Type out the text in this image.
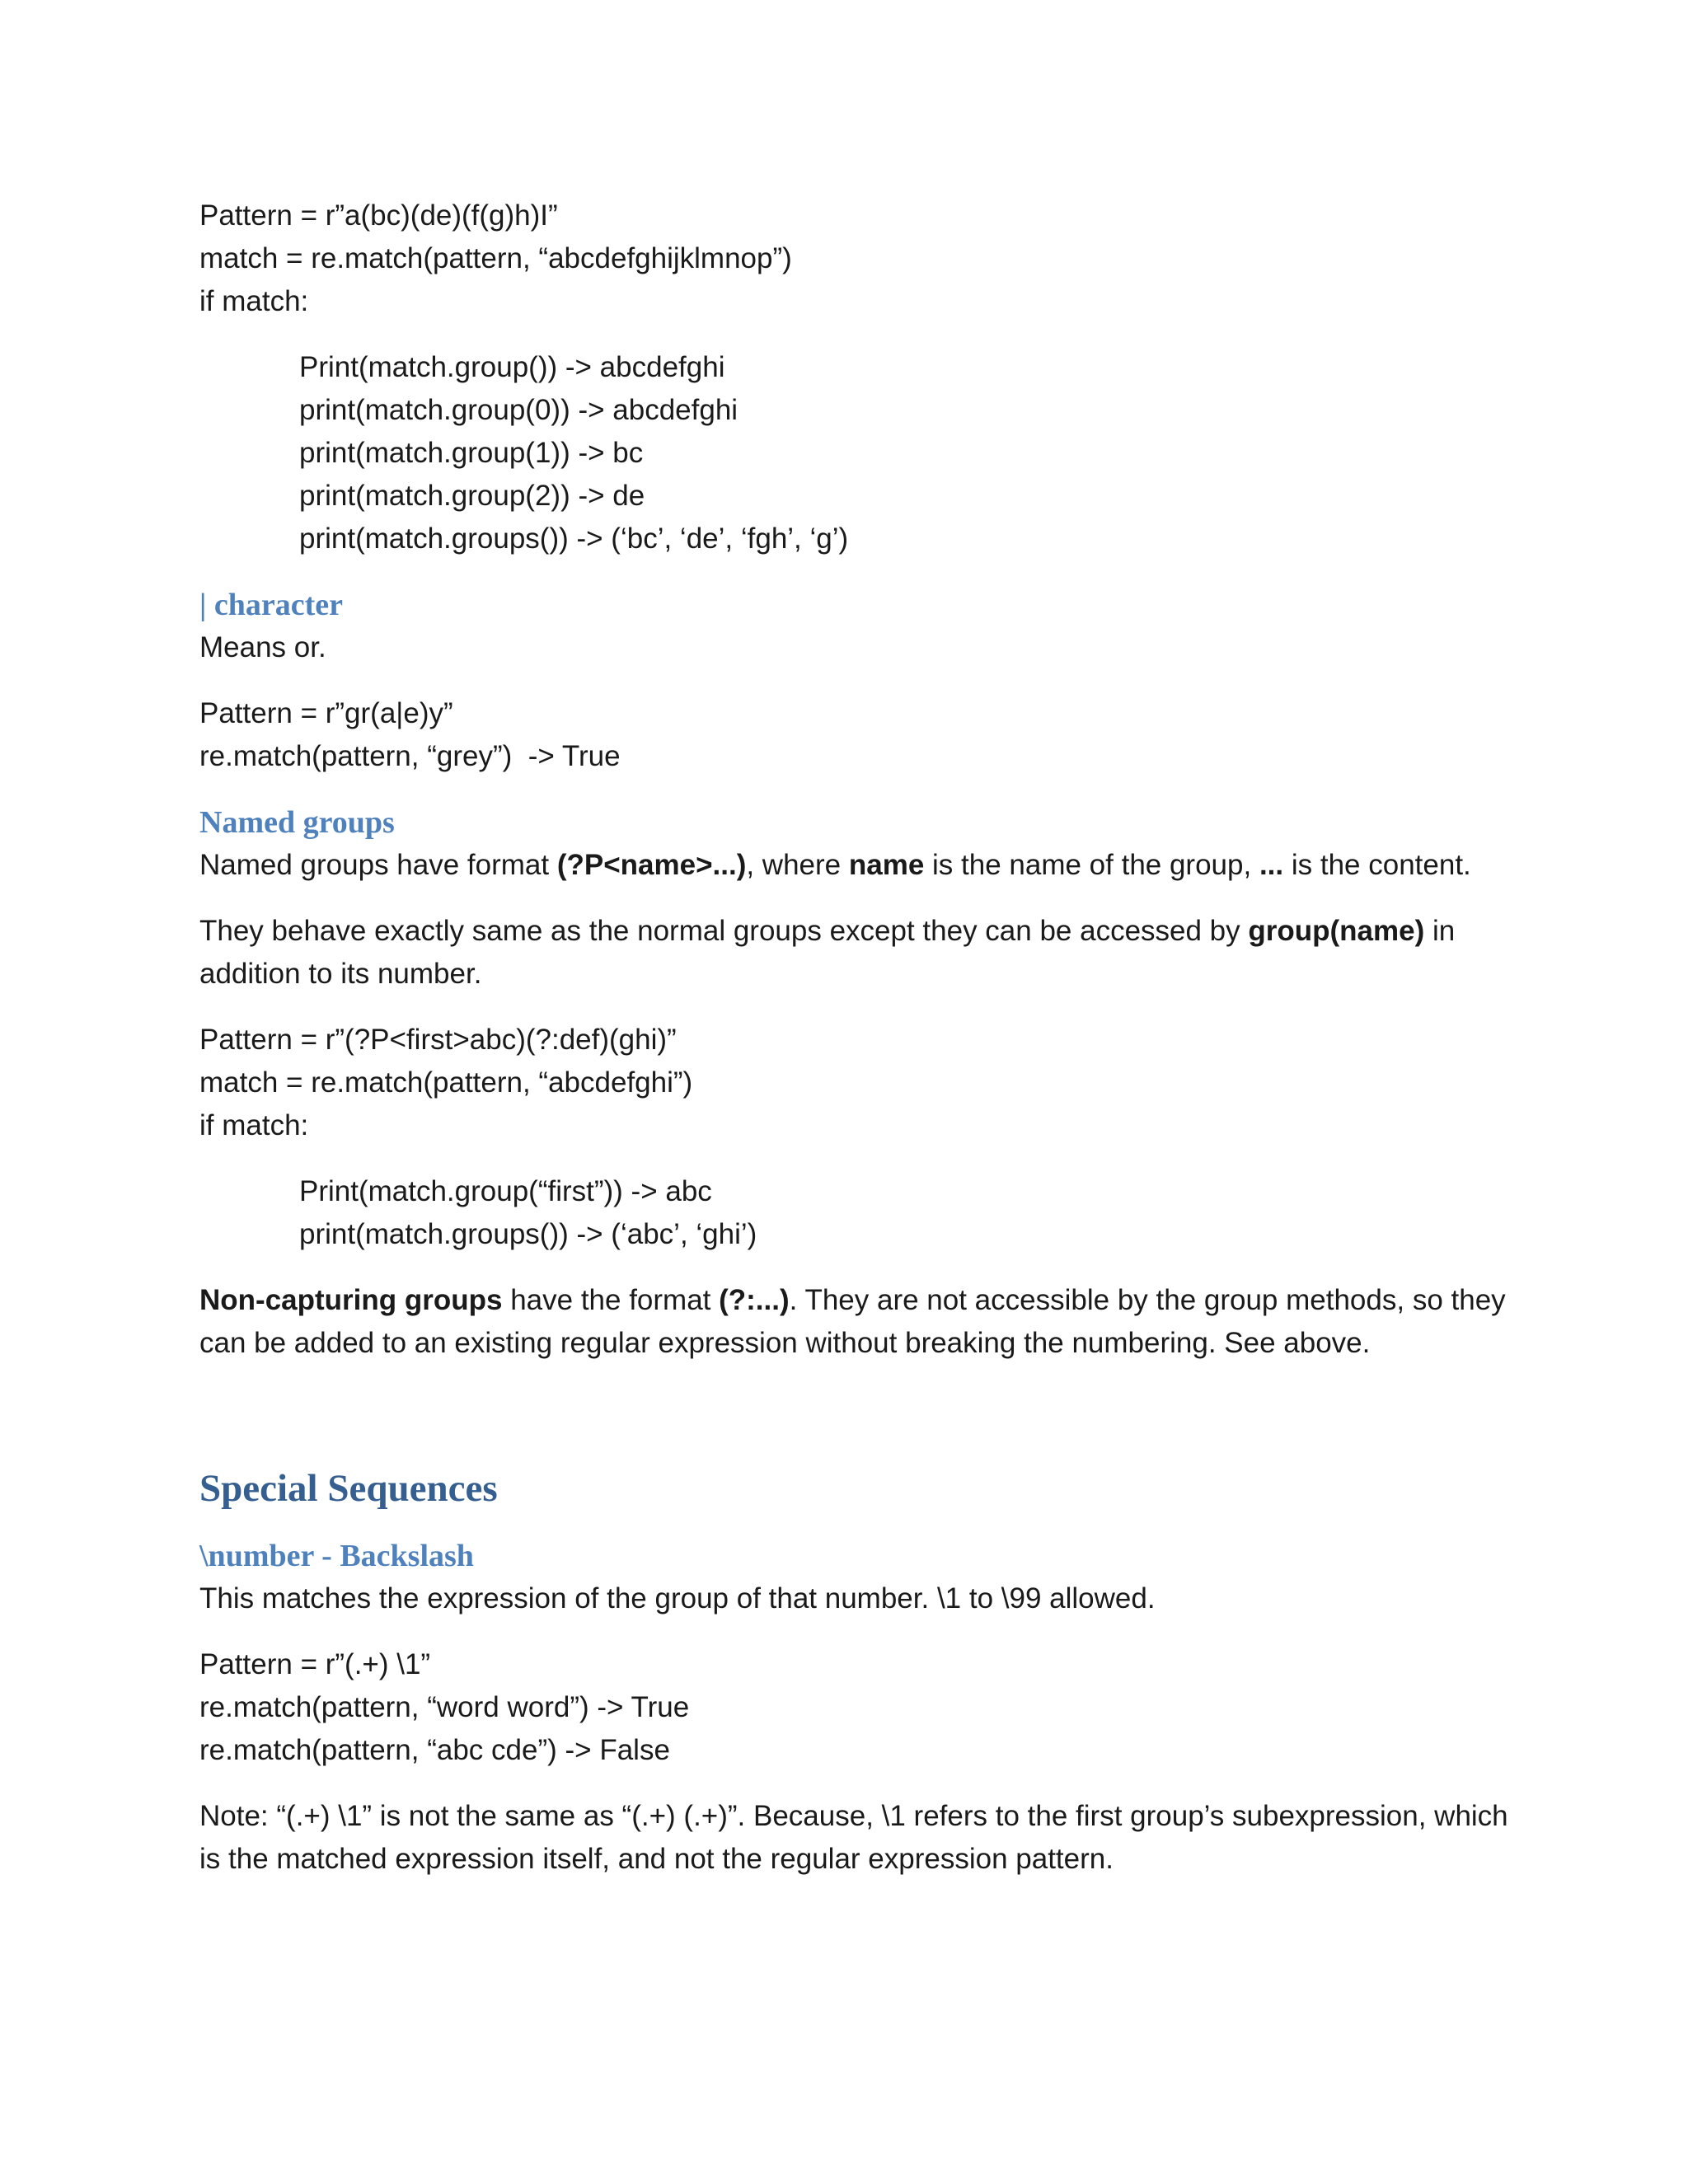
Pattern = r”a(bc)(de)(f(g)h)I”

match = re.match(pattern, “abcdefghijklmnop”)

if match:

Print(match.group()) -> abcdefghi

print(match.group(0)) -> abcdefghi

print(match.group(1)) -> bc

print(match.group(2)) -> de

print(match.groups()) -> (‘bc’, ‘de’, ‘fgh’, ‘g’)

| character

Means or.

Pattern = r”gr(a|e)y”

re.match(pattern, “grey”)  -> True

Named groups

Named groups have format (?P<name>...), where name is the name of the group, ... is the content.

They behave exactly same as the normal groups except they can be accessed by group(name) in addition to its number.

Pattern = r”(?P<first>abc)(?:def)(ghi)”

match = re.match(pattern, “abcdefghi”)

if match:

Print(match.group(“first”)) -> abc

print(match.groups()) -> (‘abc’, ‘ghi’)

Non-capturing groups have the format (?:...). They are not accessible by the group methods, so they can be added to an existing regular expression without breaking the numbering. See above.

Special Sequences

\number - Backslash

This matches the expression of the group of that number. \1 to \99 allowed.

Pattern = r”(.+) \1”

re.match(pattern, “word word”) -> True

re.match(pattern, “abc cde”) -> False

Note: “(.+) \1” is not the same as “(.+) (.+)”. Because, \1 refers to the first group’s subexpression, which is the matched expression itself, and not the regular expression pattern.
